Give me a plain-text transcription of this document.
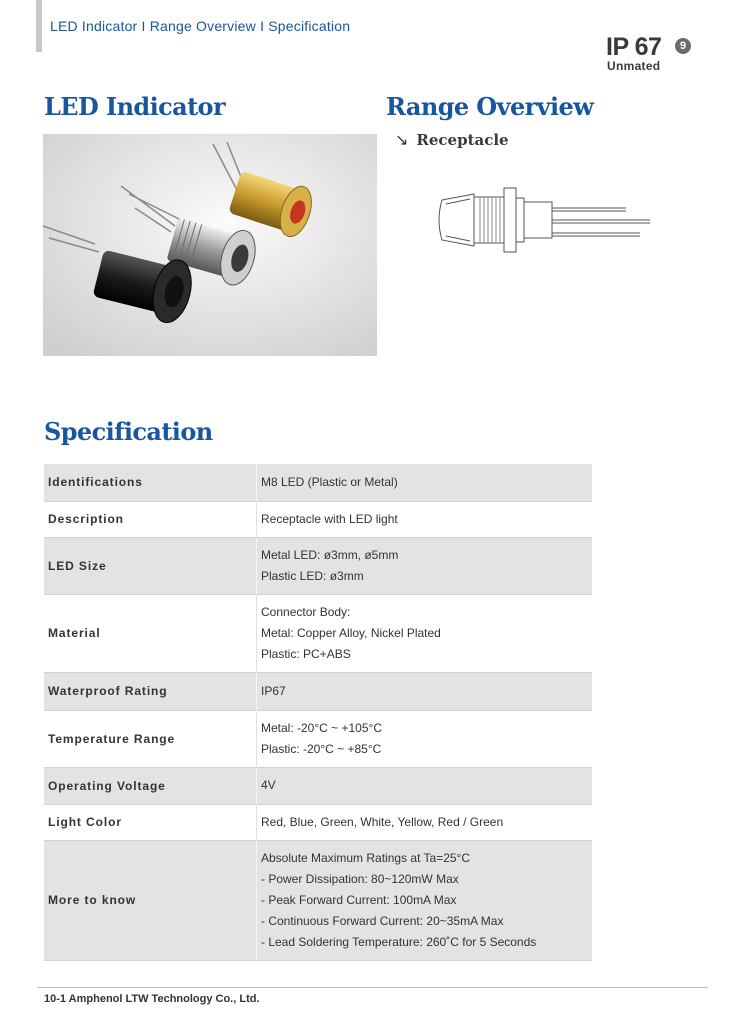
LED Indicator I Range Overview I Specification
IP 67	9
Unmated
LED Indicator	Range Overview
↘ Receptacle
Specification
Identifications	M8 LED (Plastic or Metal)

Description	Receptacle with LED light

LED Size	Metal LED: ø3mm, ø5mm
Plastic LED: ø3mm

Material	Connector Body:
Metal: Copper Alloy, Nickel Plated
Plastic: PC+ABS

Waterproof Rating	IP67

Temperature Range	Metal: -20°C ~ +105°C
Plastic: -20°C ~ +85°C

Operating Voltage	4V

Light Color	Red, Blue, Green, White, Yellow, Red / Green

More to know	Absolute Maximum Ratings at Ta=25°C
- Power Dissipation: 80~120mW Max
- Peak Forward Current: 100mA Max
- Continuous Forward Current: 20~35mA Max
- Lead Soldering Temperature: 260˚C for 5 Seconds
10-1 Amphenol LTW Technology Co., Ltd.
